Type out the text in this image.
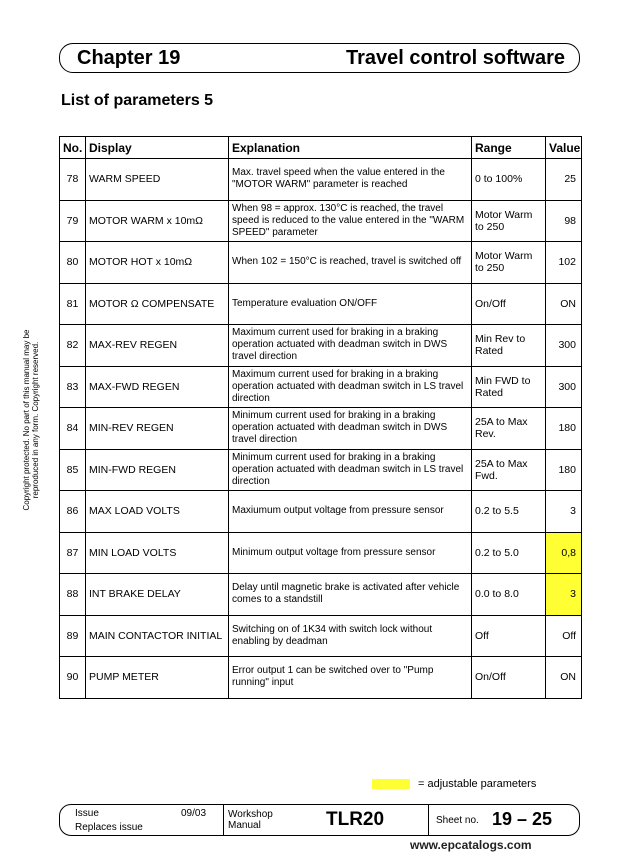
Chapter 19	Travel control software
List of parameters 5
Copyright protected. No part of this manual may be reproduced in any form. Copyright reserved.
No.	Display	Explanation	Range	Value
78	WARM SPEED	Max. travel speed when the value entered in the "MOTOR WARM" parameter is reached	0 to 100%	25
79	MOTOR WARM x 10mΩ	When 98 = approx. 130°C is reached, the travel speed is reduced to the value entered in the "WARM SPEED" parameter	Motor Warm to 250	98
80	MOTOR HOT x 10mΩ	When 102 = 150°C is reached, travel is switched off	Motor Warm to 250	102
81	MOTOR Ω COMPENSATE	Temperature evaluation ON/OFF	On/Off	ON
82	MAX-REV REGEN	Maximum current used for braking in a braking operation actuated with deadman switch in DWS travel direction	Min Rev to Rated	300
83	MAX-FWD REGEN	Maximum current used for braking in a braking operation actuated with deadman switch in LS travel direction	Min FWD to Rated	300
84	MIN-REV REGEN	Minimum current used for braking in a braking operation actuated with deadman switch in DWS travel direction	25A to Max Rev.	180
85	MIN-FWD REGEN	Minimum current used for braking in a braking operation actuated with deadman switch in LS travel direction	25A to Max Fwd.	180
86	MAX LOAD VOLTS	Maxiumum output voltage from pressure sensor	0.2 to 5.5	3
87	MIN LOAD VOLTS	Minimum output voltage from pressure sensor	0.2 to 5.0	0,8
88	INT BRAKE DELAY	Delay until magnetic brake is activated after vehicle comes to a standstill	0.0 to 8.0	3
89	MAIN CONTACTOR INITIAL	Switching on of 1K34 with switch lock without enabling by deadman	Off	Off
90	PUMP METER	Error output 1 can be switched over to "Pump running" input	On/Off	ON
= adjustable parameters
Issue	09/03
Replaces issue
Workshop Manual	TLR20	Sheet no. 19 – 25
www.epcatalogs.com
